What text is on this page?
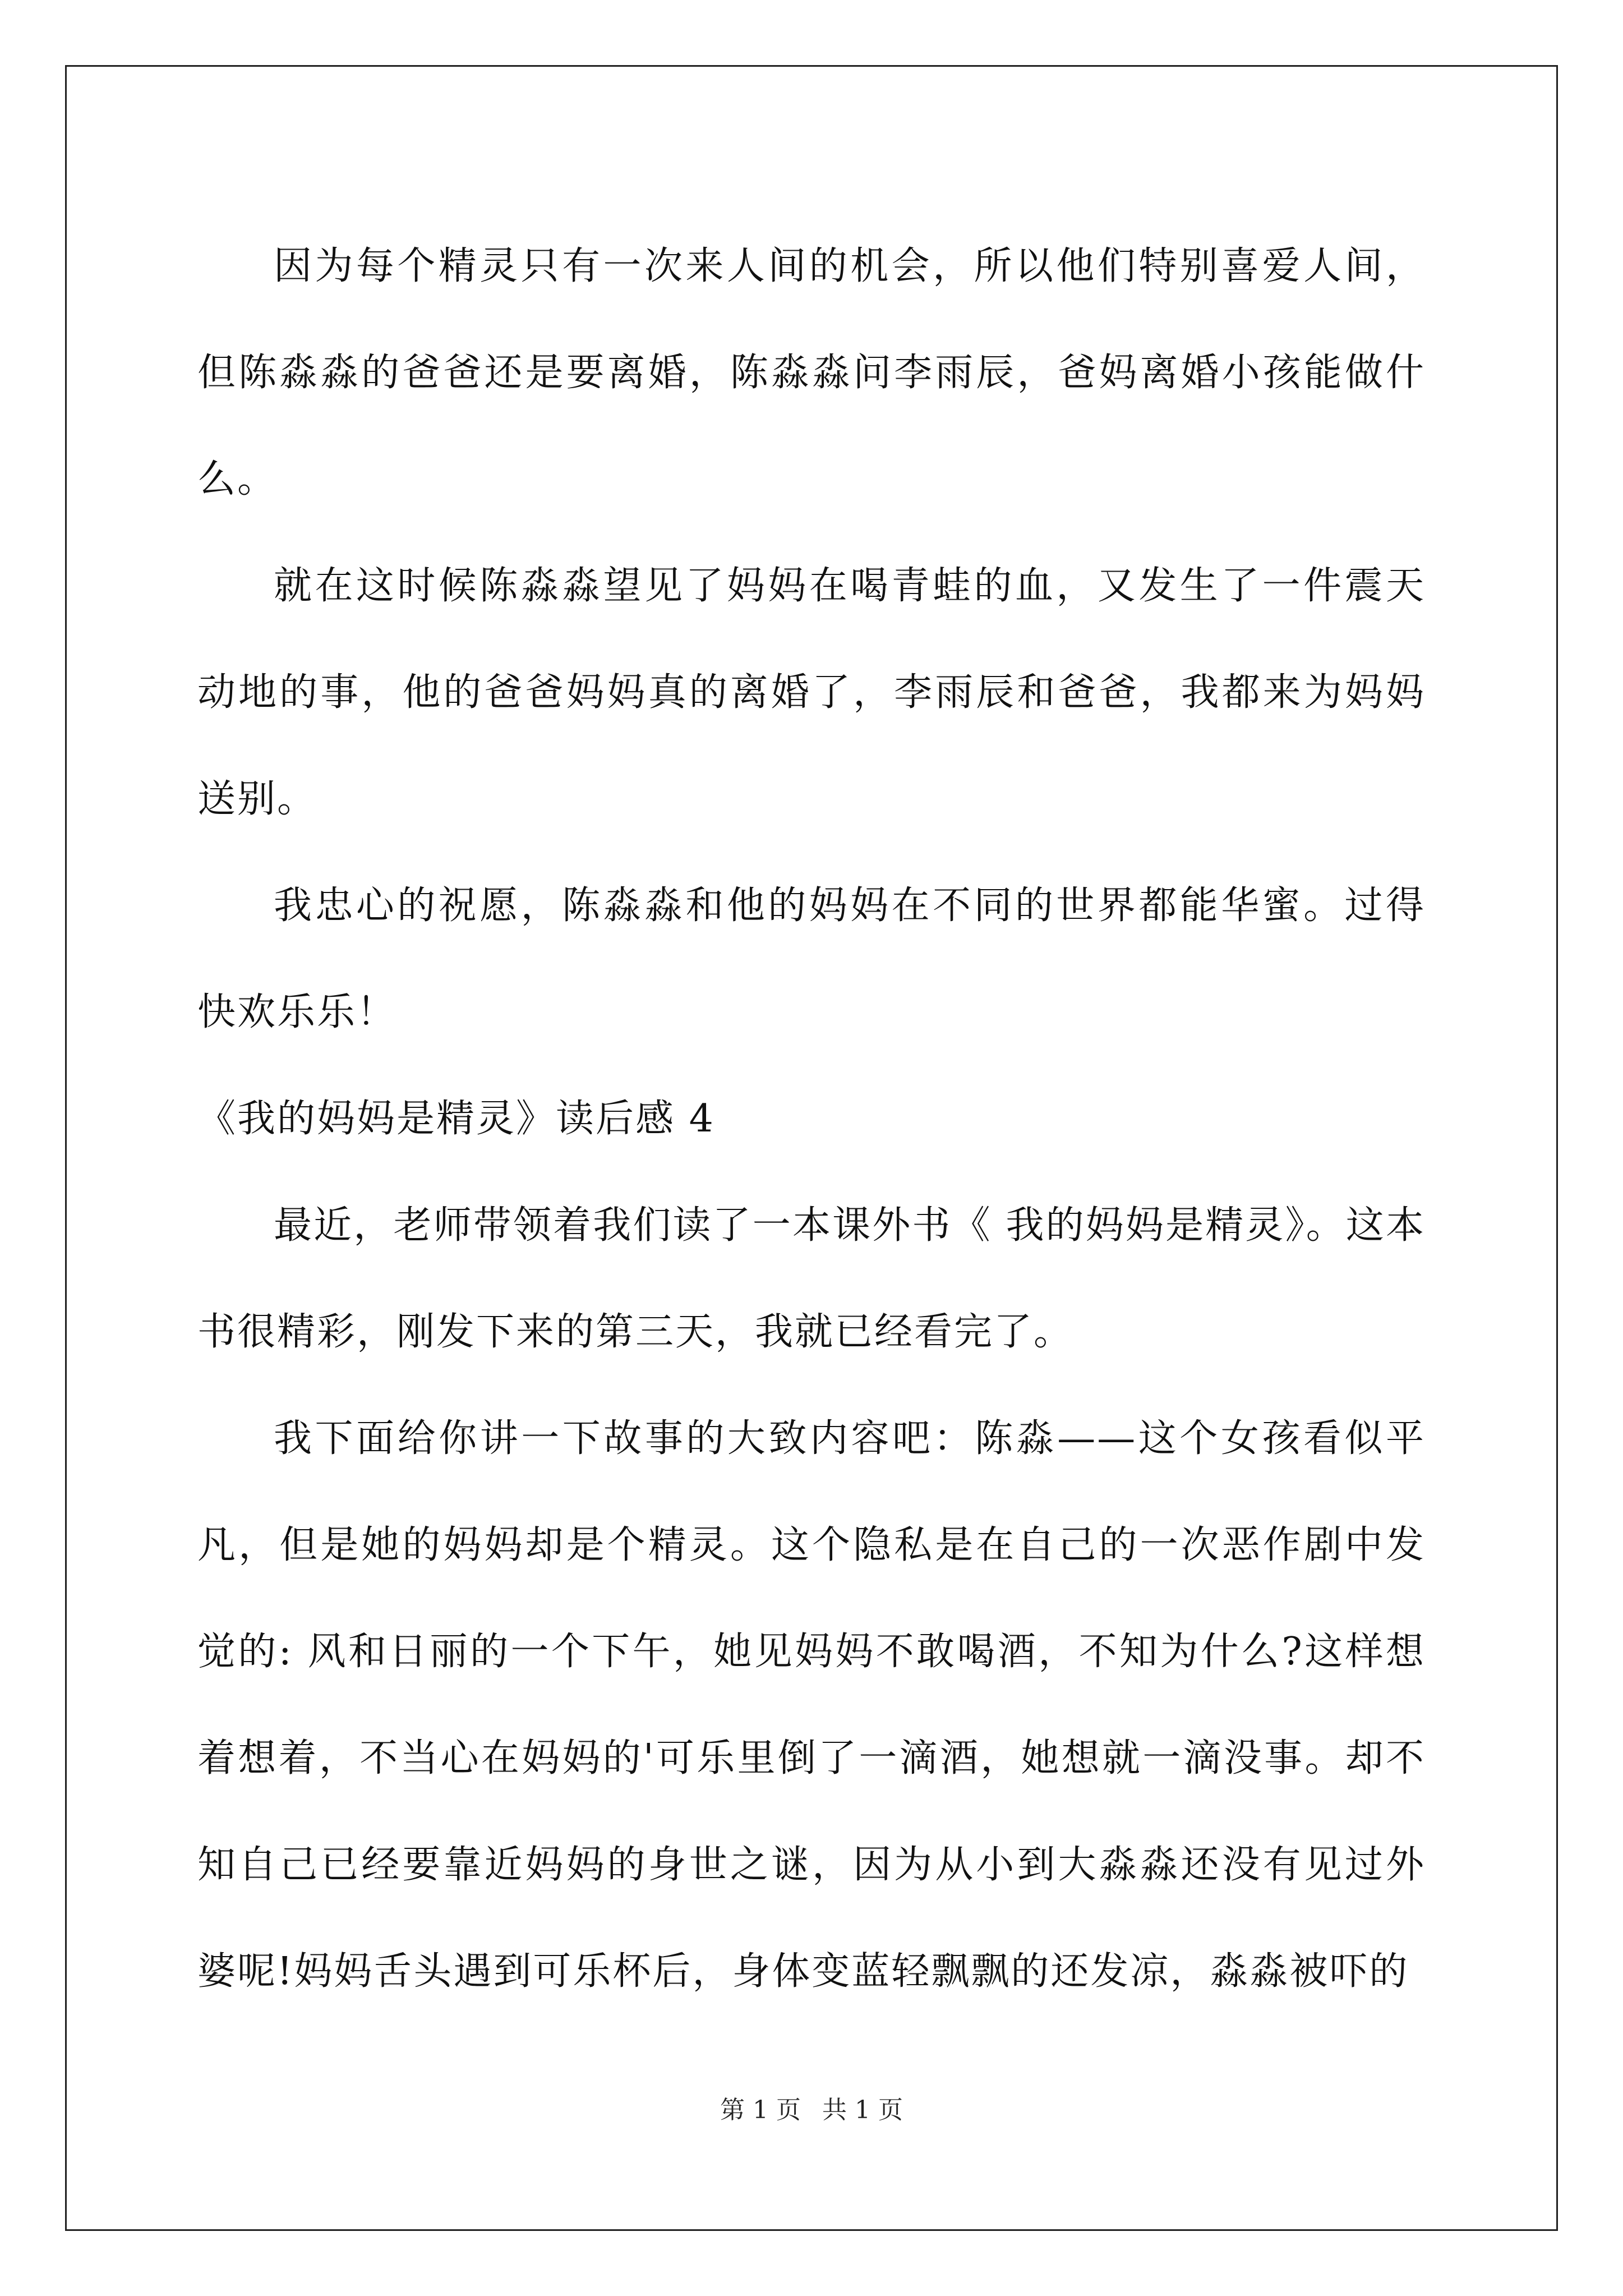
因为每个精灵只有一次来人间的机会，所以他们特别喜爱人间，但陈淼淼的爸爸还是要离婚，陈淼淼问李雨辰，爸妈离婚小孩能做什么。

就在这时候陈淼淼望见了妈妈在喝青蛙的血，又发生了一件震天动地的事，他的爸爸妈妈真的离婚了，李雨辰和爸爸，我都来为妈妈送别。

我忠心的祝愿，陈淼淼和他的妈妈在不同的世界都能华蜜。过得快欢乐乐！

《我的妈妈是精灵》读后感 4

最近，老师带领着我们读了一本课外书《 我的妈妈是精灵》。这本书很精彩，刚发下来的第三天，我就已经看完了。

我下面给你讲一下故事的大致内容吧：陈淼——这个女孩看似平凡，但是她的妈妈却是个精灵。这个隐私是在自己的一次恶作剧中发觉的: 风和日丽的一个下午，她见妈妈不敢喝酒，不知为什么?这样想着想着，不当心在妈妈的'可乐里倒了一滴酒，她想就一滴没事。却不知自己已经要靠近妈妈的身世之谜，因为从小到大淼淼还没有见过外婆呢!妈妈舌头遇到可乐杯后，身体变蓝轻飘飘的还发凉，淼淼被吓的

第 1 页 共 1 页
